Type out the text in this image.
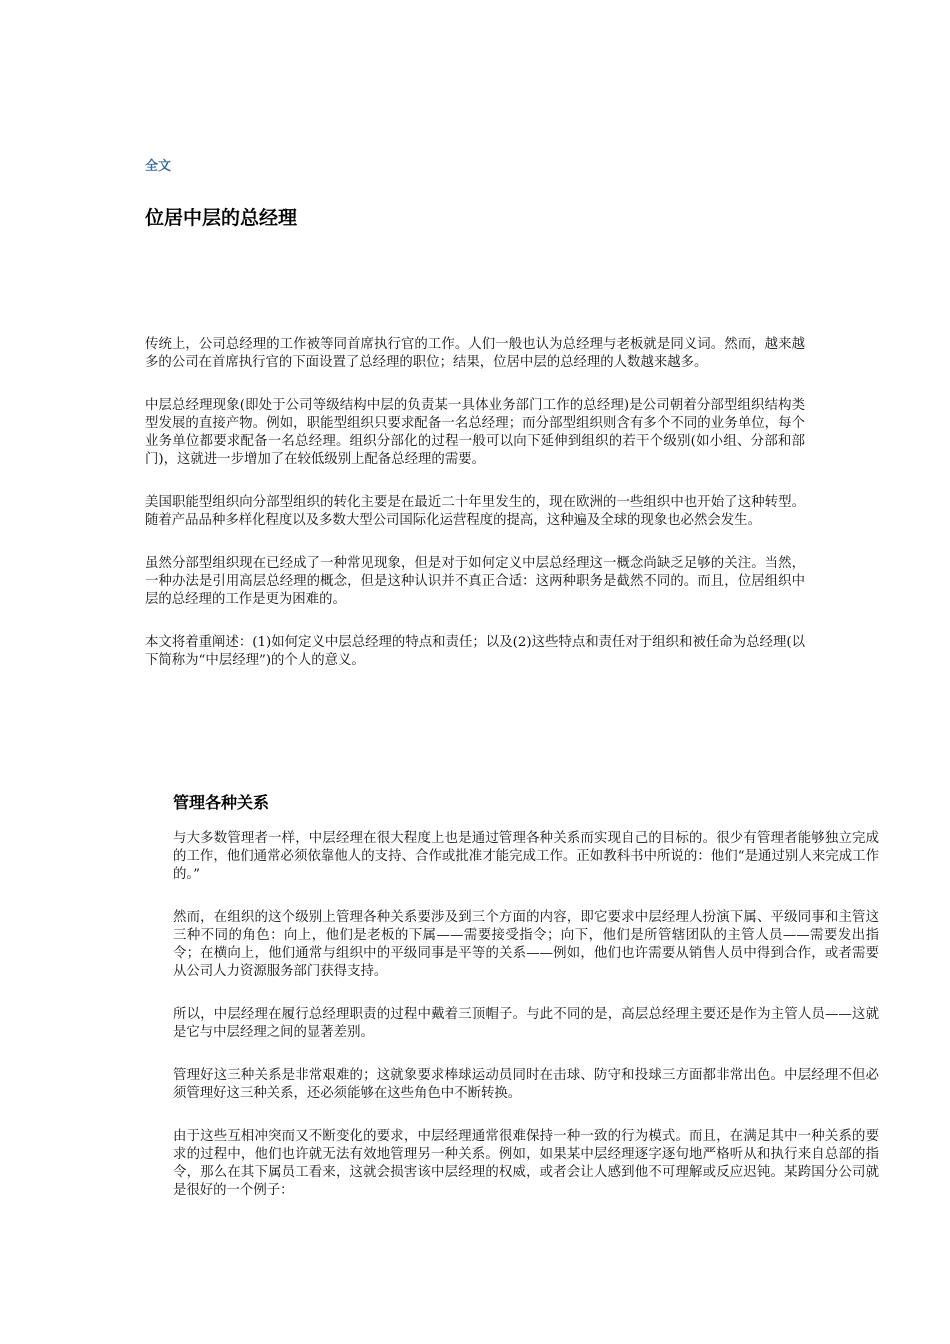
全文
位居中层的总经理

传统上，公司总经理的工作被等同首席执行官的工作。人们一般也认为总经理与老板就是同义词。然而，越来越多的公司在首席执行官的下面设置了总经理的职位；结果，位居中层的总经理的人数越来越多。

中层总经理现象(即处于公司等级结构中层的负责某一具体业务部门工作的总经理)是公司朝着分部型组织结构类型发展的直接产物。例如，职能型组织只要求配备一名总经理；而分部型组织则含有多个不同的业务单位，每个业务单位都要求配备一名总经理。组织分部化的过程一般可以向下延伸到组织的若干个级别(如小组、分部和部门)，这就进一步增加了在较低级别上配备总经理的需要。

美国职能型组织向分部型组织的转化主要是在最近二十年里发生的，现在欧洲的一些组织中也开始了这种转型。随着产品品种多样化程度以及多数大型公司国际化运营程度的提高，这种遍及全球的现象也必然会发生。

虽然分部型组织现在已经成了一种常见现象，但是对于如何定义中层总经理这一概念尚缺乏足够的关注。当然，一种办法是引用高层总经理的概念，但是这种认识并不真正合适：这两种职务是截然不同的。而且，位居组织中层的总经理的工作是更为困难的。

本文将着重阐述：(1)如何定义中层总经理的特点和责任；以及(2)这些特点和责任对于组织和被任命为总经理(以下简称为“中层经理”)的个人的意义。

管理各种关系

与大多数管理者一样，中层经理在很大程度上也是通过管理各种关系而实现自己的目标的。很少有管理者能够独立完成的工作，他们通常必须依靠他人的支持、合作或批准才能完成工作。正如教科书中所说的：他们“是通过别人来完成工作的。”

然而，在组织的这个级别上管理各种关系要涉及到三个方面的内容，即它要求中层经理人扮演下属、平级同事和主管这三种不同的角色：向上，他们是老板的下属——需要接受指令；向下，他们是所管辖团队的主管人员——需要发出指令；在横向上，他们通常与组织中的平级同事是平等的关系——例如，他们也许需要从销售人员中得到合作，或者需要从公司人力资源服务部门获得支持。

所以，中层经理在履行总经理职责的过程中戴着三顶帽子。与此不同的是，高层总经理主要还是作为主管人员——这就是它与中层经理之间的显著差别。

管理好这三种关系是非常艰难的；这就象要求棒球运动员同时在击球、防守和投球三方面都非常出色。中层经理不但必须管理好这三种关系，还必须能够在这些角色中不断转换。

由于这些互相冲突而又不断变化的要求，中层经理通常很难保持一种一致的行为模式。而且，在满足其中一种关系的要求的过程中，他们也许就无法有效地管理另一种关系。例如，如果某中层经理逐字逐句地严格听从和执行来自总部的指令，那么在其下属员工看来，这就会损害该中层经理的权威，或者会让人感到他不可理解或反应迟钝。某跨国分公司就是很好的一个例子：
